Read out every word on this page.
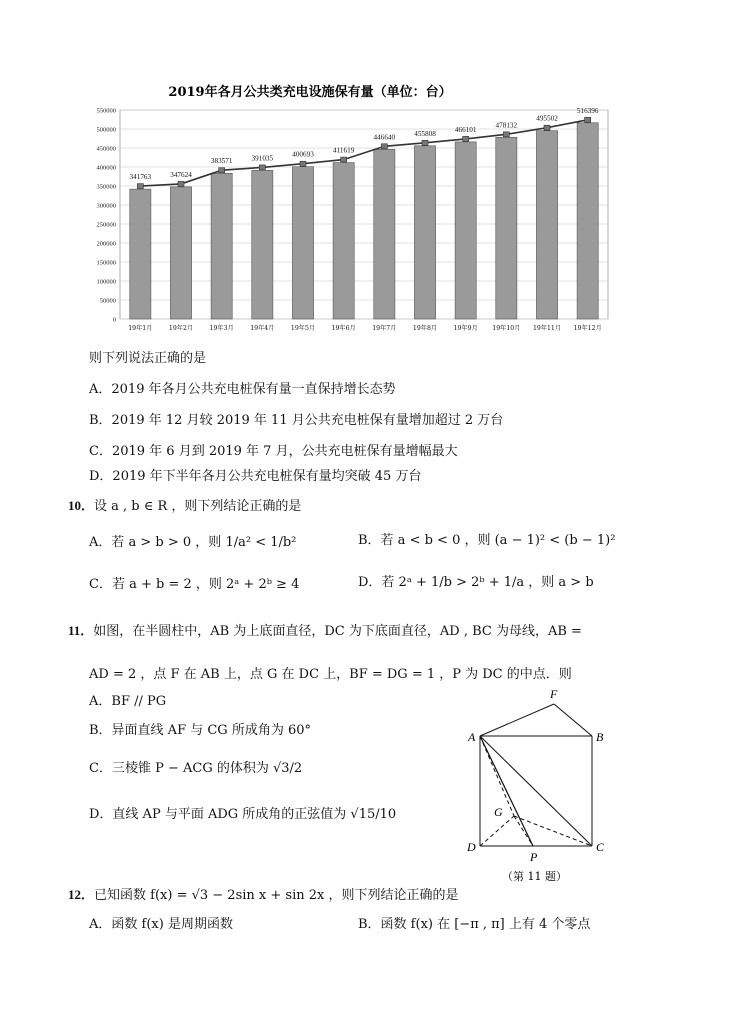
2019年各月公共类充电设施保有量（单位：台）
0
50000
100000
150000
200000
250000
300000
350000
400000
450000
500000
550000
341763	347624
383571	391035	400693
411619
446640	455808	466101
478132
495502
516396
19年1月	19年2月	19年3月	19年4月	19年5月	19年6月	19年7月	19年8月	19年9月 19年10月 19年11月 19年12月
则下列说法正确的是
A．2019 年各月公共充电桩保有量一直保持增长态势
B．2019 年 12 月较 2019 年 11 月公共充电桩保有量增加超过 2 万台
C．2019 年 6 月到 2019 年 7 月，公共充电桩保有量增幅最大
D．2019 年下半年各月公共充电桩保有量均突破 45 万台
10．设 a , b ∈ R ，则下列结论正确的是
A．若 a > b > 0 ，则 1/a² < 1/b²	B．若 a < b < 0 ，则 (a − 1)² < (b − 1)²
C．若 a + b = 2 ，则 2ᵃ + 2ᵇ ≥ 4	D．若 2ᵃ + 1/b > 2ᵇ + 1/a ，则 a > b
11．如图，在半圆柱中，AB 为上底面直径，DC 为下底面直径，AD , BC 为母线，AB =
AD = 2 ，点 F 在 AB 上，点 G 在 DC 上，BF = DG = 1 ，P 为 DC 的中点．则
A．BF // PG
B．异面直线 AF 与 CG 所成角为 60°
C．三棱锥 P − ACG 的体积为 √3/2
D．直线 AP 与平面 ADG 所成角的正弦值为 √15/10
F
A	B
G
D
P
C
（第 11 题）
12．已知函数 f(x) = √3 − 2sin x + sin 2x ，则下列结论正确的是
A．函数 f(x) 是周期函数	B．函数 f(x) 在 [−π , π] 上有 4 个零点
